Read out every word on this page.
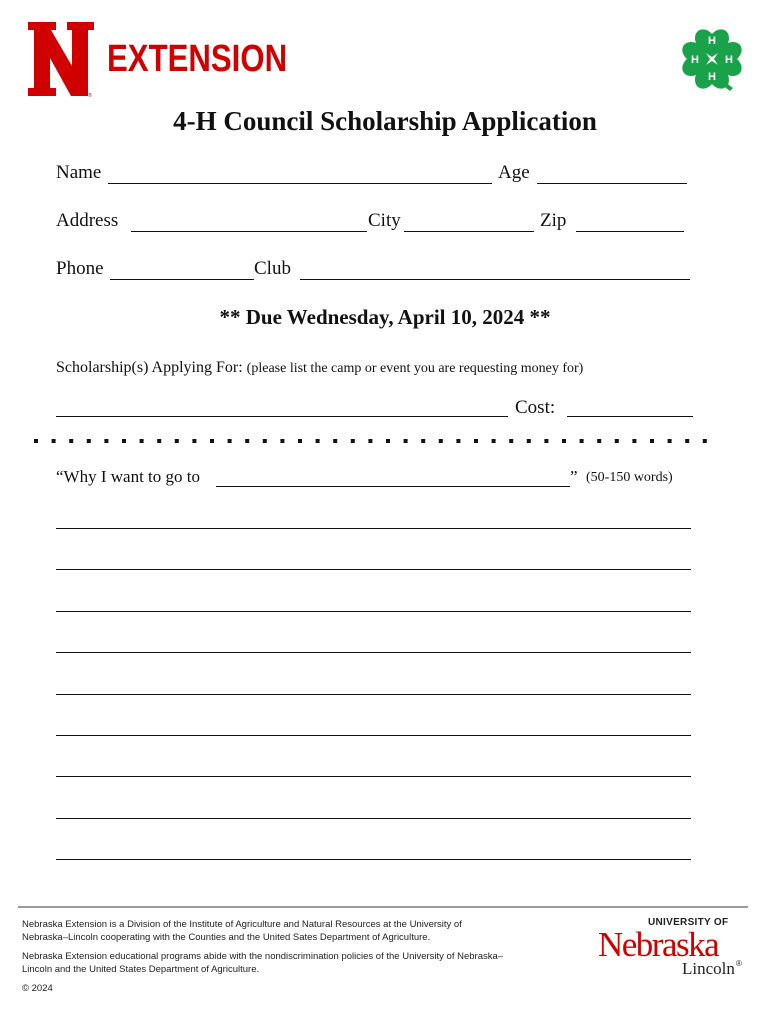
®
EXTENSION	H
H
H
H
4-H Council Scholarship Application
Name	Age
Address	City	Zip
Phone	Club
** Due Wednesday, April 10, 2024 **
Scholarship(s) Applying For: (please list the camp or event you are requesting money for)
Cost:
“Why I want to go to	” (50-150 words)
Nebraska Extension is a Division of the Institute of Agriculture and Natural Resources at the University of
Nebraska–Lincoln cooperating with the Counties and the United Sates Department of Agriculture.
Nebraska Extension educational programs abide with the nondiscrimination policies of the University of Nebraska–
Lincoln and the United States Department of Agriculture.
© 2024
UNIVERSITY OF
Nebraska
Lincoln ®
